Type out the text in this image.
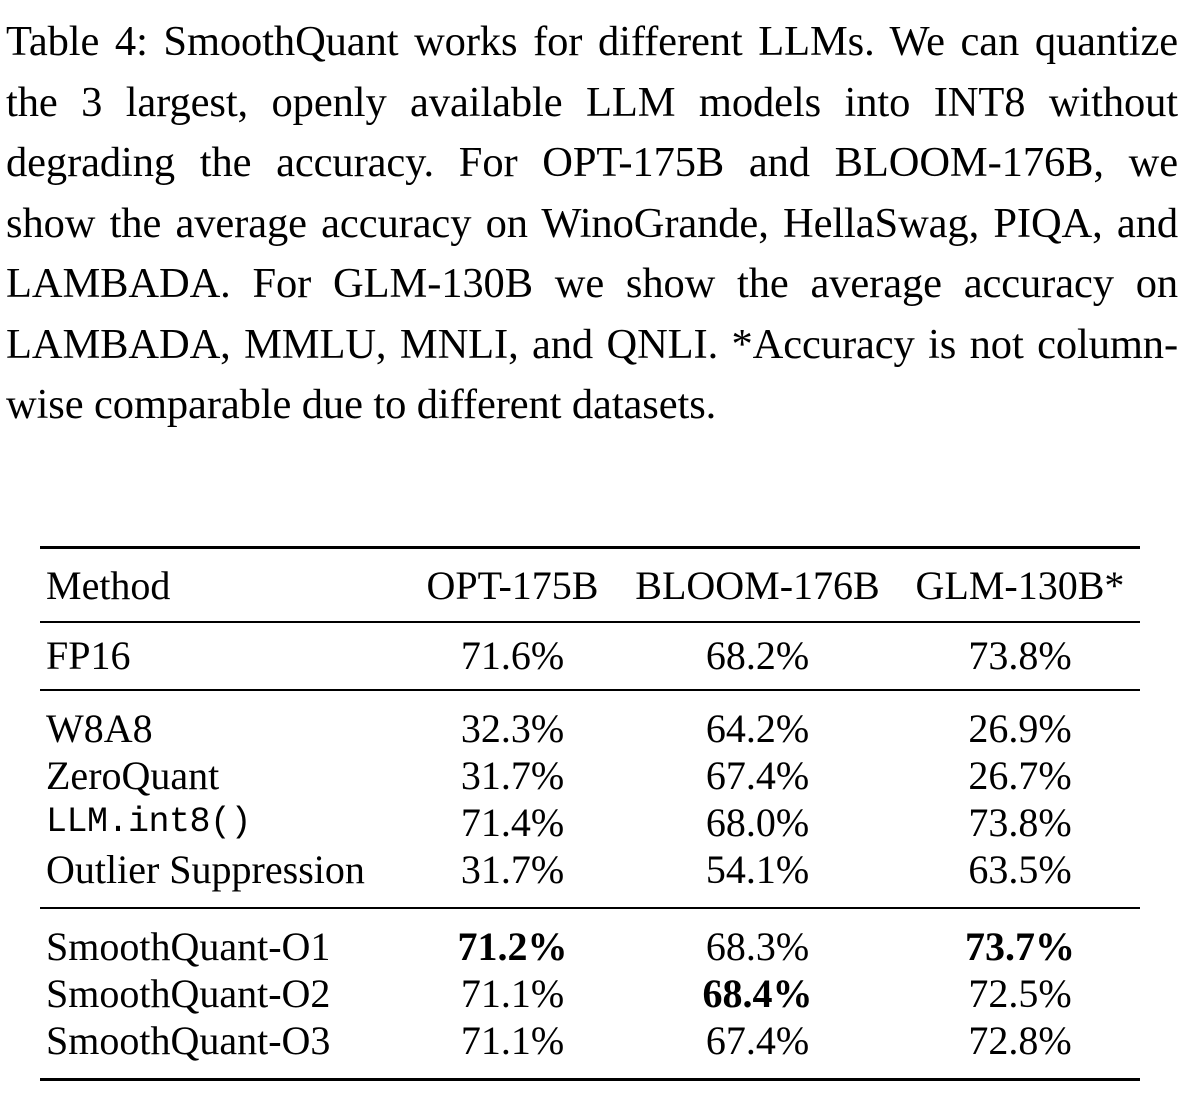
Table 4: SmoothQuant works for different LLMs. We can quantize the 3 largest, openly available LLM models into INT8 without degrading the accuracy. For OPT-175B and BLOOM-176B, we show the average accuracy on WinoGrande, HellaSwag, PIQA, and LAMBADA. For GLM-130B we show the average accuracy on LAMBADA, MMLU, MNLI, and QNLI. *Accuracy is not column-wise comparable due to different datasets.
Method	OPT-175B	BLOOM-176B	GLM-130B*
FP16	71.6%	68.2%	73.8%
W8A8	32.3%	64.2%	26.9%
ZeroQuant	31.7%	67.4%	26.7%
LLM.int8()	71.4%	68.0%	73.8%
Outlier Suppression	31.7%	54.1%	63.5%
SmoothQuant-O1	71.2%	68.3%	73.7%
SmoothQuant-O2	71.1%	68.4%	72.5%
SmoothQuant-O3	71.1%	67.4%	72.8%
